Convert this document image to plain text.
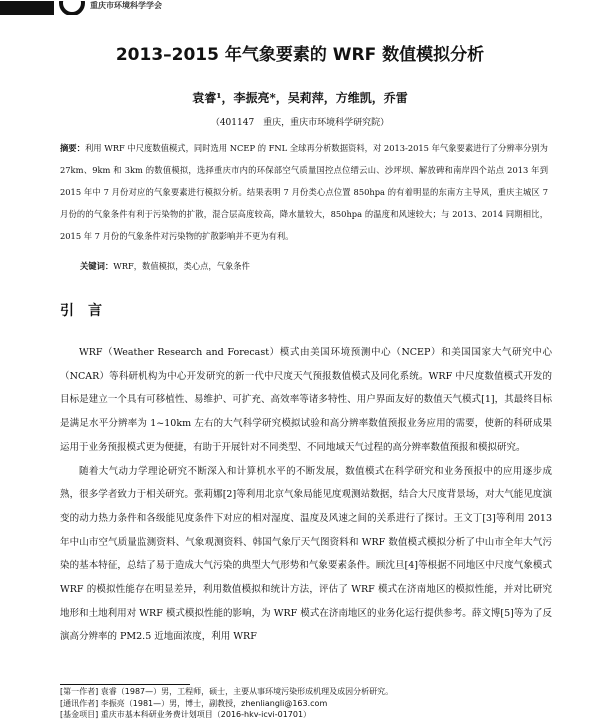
重庆市环境科学学会
2013–2015 年气象要素的 WRF 数值模拟分析
袁睿¹，李振亮*，吴莉萍，方维凯，乔雷
（401147　重庆，重庆市环境科学研究院）
摘要：利用 WRF 中尺度数值模式，同时选用 NCEP 的 FNL 全球再分析数据资料，对 2013-2015 年气象要素进行了分辨率分别为 27km、9km 和 3km 的数值模拟，选择重庆市内的环保部空气质量国控点位缙云山、沙坪坝、解放碑和南岸四个站点 2013 年到 2015 年中 7 月份对应的气象要素进行模拟分析。结果表明 7 月份类心点位置 850hpa 的有着明显的东南方主导风，重庆主城区 7 月份的的气象条件有利于污染物的扩散，混合层高度较高，降水量较大，850hpa 的温度和风速较大；与 2013、2014 同期相比，2015 年 7 月份的气象条件对污染物的扩散影响并不更为有利。
关键词：WRF，数值模拟，类心点，气象条件
引言

WRF（Weather Research and Forecast）模式由美国环境预测中心（NCEP）和美国国家大气研究中心（NCAR）等科研机构为中心开发研究的新一代中尺度天气预报数值模式及同化系统。WRF 中尺度数值模式开发的目标是建立一个具有可移植性、易维护、可扩充、高效率等诸多特性、用户界面友好的数值天气模式[1]，其最终目标是满足水平分辨率为 1~10km 左右的大气科学研究模拟试验和高分辨率数值预报业务应用的需要，使新的科研成果运用于业务预报模式更为便捷，有助于开展针对不同类型、不同地域天气过程的高分辨率数值预报和模拟研究。

随着大气动力学理论研究不断深入和计算机水平的不断发展，数值模式在科学研究和业务预报中的应用逐步成熟，很多学者致力于相关研究。张莉娜[2]等利用北京气象局能见度观测站数据，结合大尺度背景场，对大气能见度演变的动力热力条件和各级能见度条件下对应的相对湿度、温度及风速之间的关系进行了探讨。王文丁[3]等利用 2013 年中山市空气质量监测资料、气象观测资料、韩国气象厅天气图资料和 WRF 数值模式模拟分析了中山市全年大气污染的基本特征，总结了易于造成大气污染的典型大气形势和气象要素条件。顾沈旦[4]等根据不同地区中尺度气象模式 WRF 的模拟性能存在明显差异，利用数值模拟和统计方法，评估了 WRF 模式在济南地区的模拟性能，并对比研究地形和土地利用对 WRF 模式模拟性能的影响，为 WRF 模式在济南地区的业务化运行提供参考。薛文博[5]等为了反演高分辨率的 PM2.5 近地面浓度，利用 WRF

[第一作者] 袁睿（1987—）男，工程师，硕士，主要从事环境污染形成机理及成因分析研究。
[通讯作者] 李振亮（1981—）男，博士，副教授，zhenliangli@163.com
[基金项目] 重庆市基本科研业务费计划项目（2016-hkv-icvi-01701）
